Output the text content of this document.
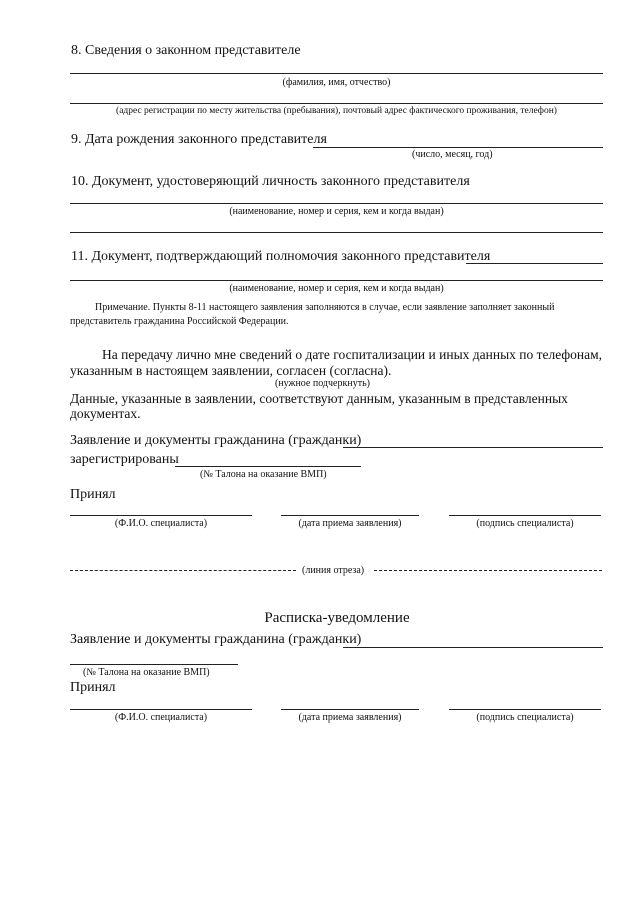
8. Сведения о законном представителе
(фамилия, имя, отчество)
(адрес регистрации по месту жительства (пребывания), почтовый адрес фактического проживания, телефон)
9. Дата рождения законного представителя
(число, месяц, год)
10. Документ, удостоверяющий личность законного представителя
(наименование, номер и серия, кем и когда выдан)
11. Документ, подтверждающий полномочия законного представителя
(наименование, номер и серия, кем и когда выдан)
Примечание. Пункты 8-11 настоящего заявления заполняются в случае, если заявление заполняет законный
представитель гражданина Российской Федерации.
На передачу лично мне сведений о дате госпитализации и иных данных по телефонам,
указанным в настоящем заявлении, согласен (согласна).
(нужное подчеркнуть)
Данные, указанные в заявлении, соответствуют данным, указанным в представленных
документах.
Заявление и документы гражданина (гражданки)
зарегистрированы
(№ Талона на оказание ВМП)
Принял
(Ф.И.О. специалиста)	(дата приема заявления)	(подпись специалиста)
(линия отреза)
Расписка-уведомление
Заявление и документы гражданина (гражданки)
(№ Талона на оказание ВМП)
Принял
(Ф.И.О. специалиста)	(дата приема заявления)	(подпись специалиста)
